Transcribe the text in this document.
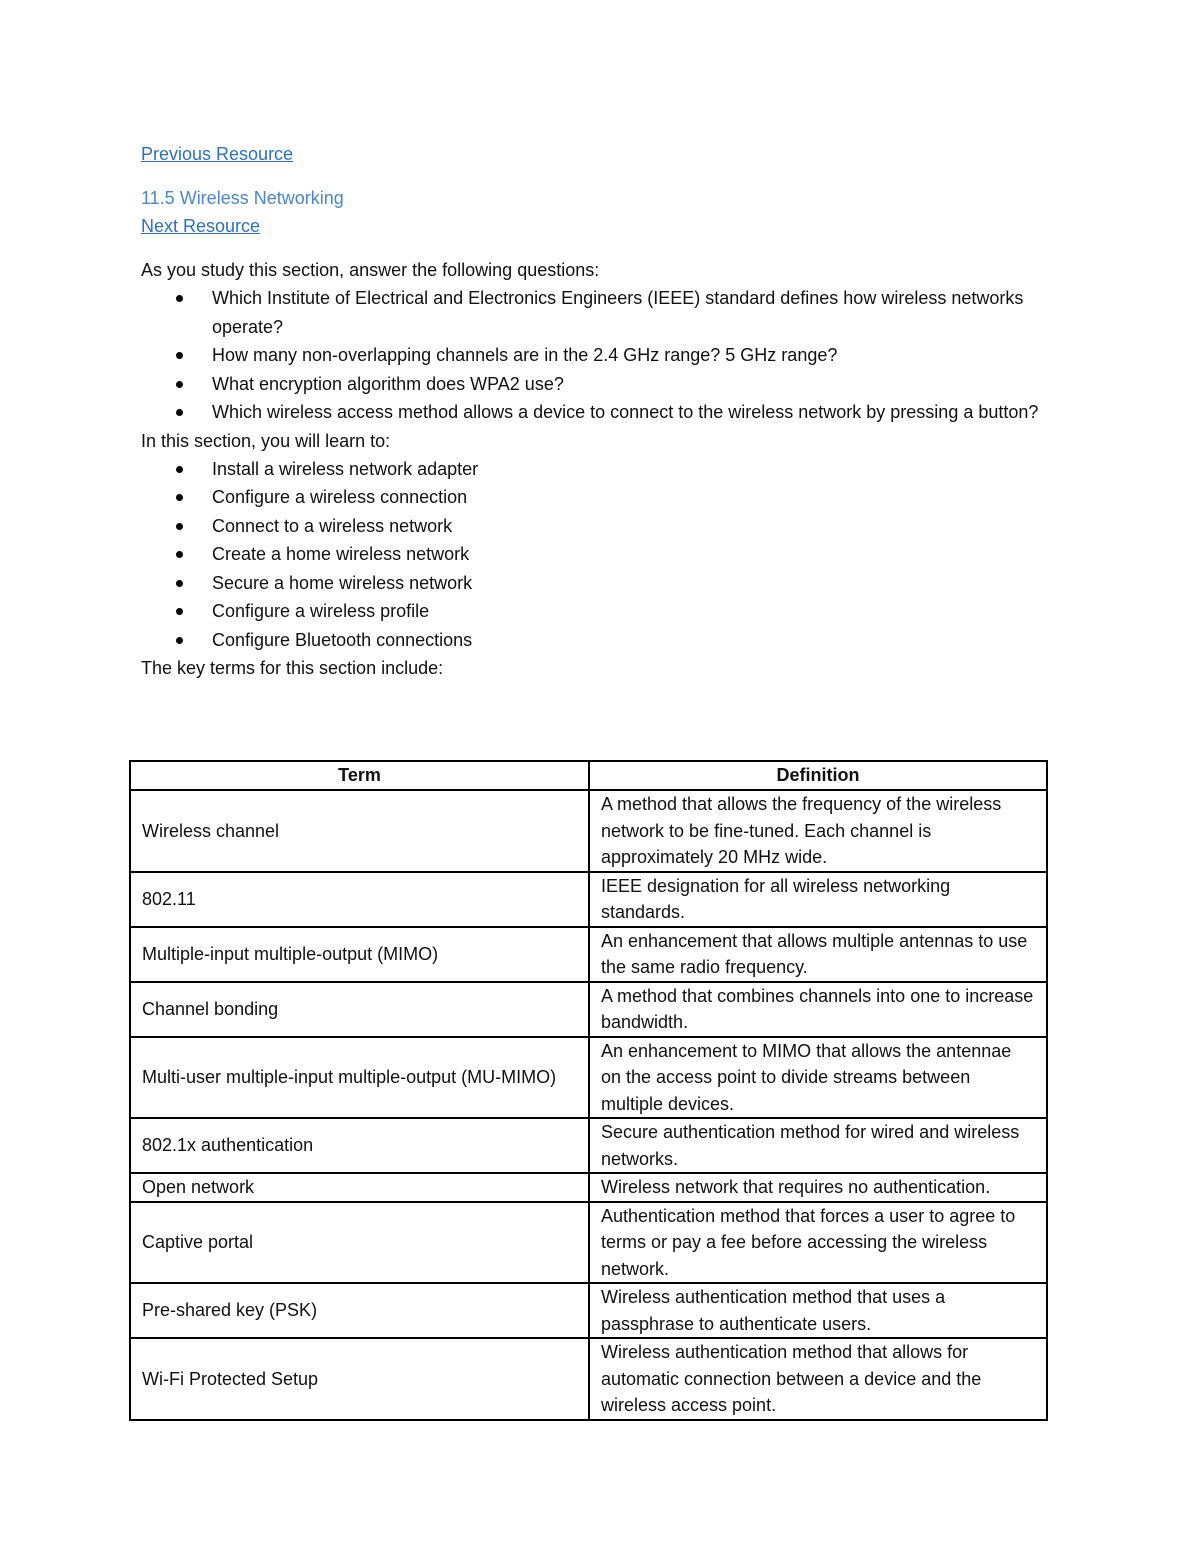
Previous Resource
11.5 Wireless Networking
Next Resource

As you study this section, answer the following questions:

Which Institute of Electrical and Electronics Engineers (IEEE) standard defines how wireless networks operate?
How many non-overlapping channels are in the 2.4 GHz range? 5 GHz range?
What encryption algorithm does WPA2 use?
Which wireless access method allows a device to connect to the wireless network by pressing a button?

In this section, you will learn to:

Install a wireless network adapter
Configure a wireless connection
Connect to a wireless network
Create a home wireless network
Secure a home wireless network
Configure a wireless profile
Configure Bluetooth connections

The key terms for this section include:

Term	Definition
Wireless channel	A method that allows the frequency of the wireless network to be fine-tuned. Each channel is approximately 20 MHz wide.
802.11	IEEE designation for all wireless networking standards.
Multiple-input multiple-output (MIMO)	An enhancement that allows multiple antennas to use the same radio frequency.
Channel bonding	A method that combines channels into one to increase bandwidth.
Multi-user multiple-input multiple-output (MU-MIMO)	An enhancement to MIMO that allows the antennae on the access point to divide streams between multiple devices.
802.1x authentication	Secure authentication method for wired and wireless networks.
Open network	Wireless network that requires no authentication.
Captive portal	Authentication method that forces a user to agree to terms or pay a fee before accessing the wireless network.
Pre-shared key (PSK)	Wireless authentication method that uses a passphrase to authenticate users.
Wi-Fi Protected Setup	Wireless authentication method that allows for automatic connection between a device and the wireless access point.
